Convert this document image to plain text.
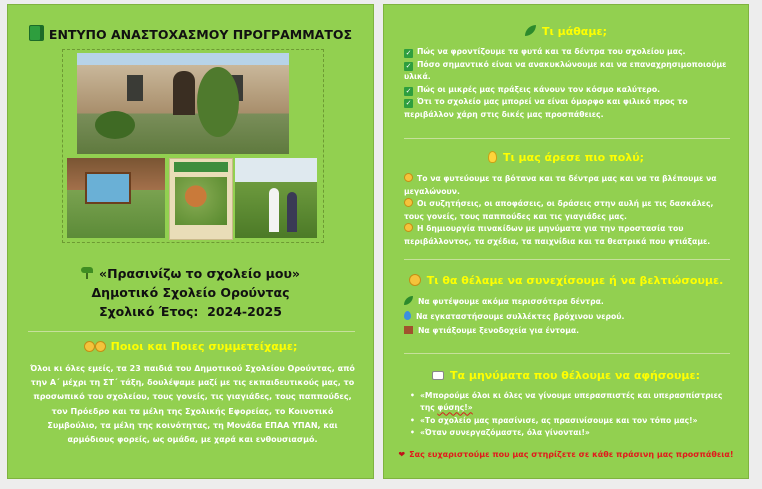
ΕΝΤΥΠΟ ΑΝΑΣΤΟΧΑΣΜΟΥ ΠΡΟΓΡΑΜΜΑΤΟΣ
«Πρασινίζω το σχολείο μου»
Δημοτικό Σχολείο Ορούντας
Σχολικό Έτος: 2024-2025
Ποιοι και Ποιες συμμετείχαμε;
Όλοι κι όλες εμείς, τα 23 παιδιά του Δημοτικού Σχολείου Ορούντας, από την Α΄ μέχρι τη ΣΤ΄ τάξη, δουλέψαμε μαζί με τις εκπαιδευτικούς μας, το προσωπικό του σχολείου, τους γονείς, τις γιαγιάδες, τους παππούδες, τον Πρόεδρο και τα μέλη της Σχολικής Εφορείας, το Κοινοτικό Συμβούλιο, τα μέλη της κοινότητας, τη Μονάδα ΕΠΑΑ ΥΠΑΝ, και αρμόδιους φορείς, ως ομάδα, με χαρά και ενθουσιασμό.
Τι μάθαμε;
✓ Πώς να φροντίζουμε τα φυτά και τα δέντρα του σχολείου μας.
✓ Πόσο σημαντικό είναι να ανακυκλώνουμε και να επαναχρησιμοποιούμε υλικά.
✓ Πώς οι μικρές μας πράξεις κάνουν τον κόσμο καλύτερο.
✓ Ότι το σχολείο μας μπορεί να είναι όμορφο και φιλικό προς το περιβάλλον χάρη στις δικές μας προσπάθειες.
Τι μας άρεσε πιο πολύ;
Το να φυτεύουμε τα βότανα και τα δέντρα μας και να τα βλέπουμε να μεγαλώνουν.
Οι συζητήσεις, οι αποφάσεις, οι δράσεις στην αυλή με τις δασκάλες, τους γονείς, τους παππούδες και τις γιαγιάδες μας.
Η δημιουργία πινακίδων με μηνύματα για την προστασία του περιβάλλοντος, τα σχέδια, τα παιχνίδια και τα θεατρικά που φτιάξαμε.
Τι θα θέλαμε να συνεχίσουμε ή να βελτιώσουμε.
Να φυτέψουμε ακόμα περισσότερα δέντρα.
Να εγκαταστήσουμε συλλέκτες βρόχινου νερού.
Να φτιάξουμε ξενοδοχεία για έντομα.
Τα μηνύματα που θέλουμε να αφήσουμε:
• «Μπορούμε όλοι κι όλες να γίνουμε υπερασπιστές και υπερασπίστριες της φύσης!»
• «Το σχολείο μας πρασίνισε, ας πρασινίσουμε και τον τόπο μας!»
• «Όταν συνεργαζόμαστε, όλα γίνονται!»
❤ Σας ευχαριστούμε που μας στηρίζετε σε κάθε πράσινη μας προσπάθεια!
